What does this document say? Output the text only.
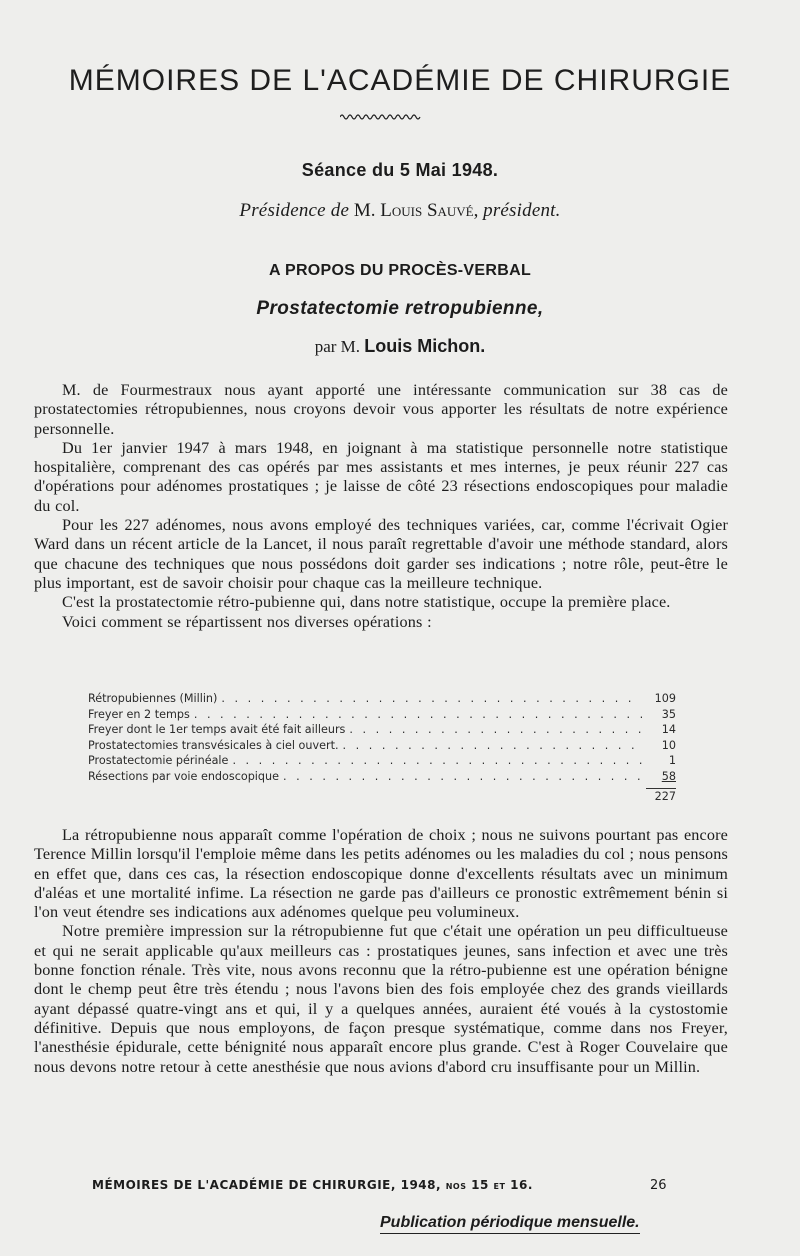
MÉMOIRES DE L'ACADÉMIE DE CHIRURGIE
Séance du 5 Mai 1948.
Présidence de M. Louis Sauvé, président.
A PROPOS DU PROCÈS-VERBAL
Prostatectomie retropubienne,
par M. Louis Michon.

M. de Fourmestraux nous ayant apporté une intéressante communication sur 38 cas de prostatectomies rétropubiennes, nous croyons devoir vous apporter les résultats de notre expérience personnelle.

Du 1er janvier 1947 à mars 1948, en joignant à ma statistique personnelle notre statistique hospitalière, comprenant des cas opérés par mes assistants et mes internes, je peux réunir 227 cas d'opérations pour adénomes prostatiques ; je laisse de côté 23 résections endoscopiques pour maladie du col.

Pour les 227 adénomes, nous avons employé des techniques variées, car, comme l'écrivait Ogier Ward dans un récent article de la Lancet, il nous paraît regrettable d'avoir une méthode standard, alors que chacune des techniques que nous possédons doit garder ses indications ; notre rôle, peut-être le plus important, est de savoir choisir pour chaque cas la meilleure technique.

C'est la prostatectomie rétro-pubienne qui, dans notre statistique, occupe la première place.

Voici comment se répartissent nos diverses opérations :

Rétropubiennes (Millin) . . .	109
Freyer en 2 temps . . .	35
Freyer dont le 1er temps avait été fait ailleurs . . .	14
Prostatectomies transvésicales à ciel ouvert. . . .	10
Prostatectomie périnéale . . .	1
Résections par voie endoscopique . . .	58
227

La rétropubienne nous apparaît comme l'opération de choix ; nous ne suivons pourtant pas encore Terence Millin lorsqu'il l'emploie même dans les petits adénomes ou les maladies du col ; nous pensons en effet que, dans ces cas, la résection endoscopique donne d'excellents résultats avec un minimum d'aléas et une mortalité infime. La résection ne garde pas d'ailleurs ce pronostic extrêmement bénin si l'on veut étendre ses indications aux adénomes quelque peu volumineux.

Notre première impression sur la rétropubienne fut que c'était une opération un peu difficultueuse et qui ne serait applicable qu'aux meilleurs cas : prostatiques jeunes, sans infection et avec une très bonne fonction rénale. Très vite, nous avons reconnu que la rétro-pubienne est une opération bénigne dont le chemp peut être très étendu ; nous l'avons bien des fois employée chez des grands vieillards ayant dépassé quatre-vingt ans et qui, il y a quelques années, auraient été voués à la cystostomie définitive. Depuis que nous employons, de façon presque systématique, comme dans nos Freyer, l'anesthésie épidurale, cette bénignité nous apparaît encore plus grande. C'est à Roger Couvelaire que nous devons notre retour à cette anesthésie que nous avions d'abord cru insuffisante pour un Millin.

MÉMOIRES DE L'ACADÉMIE DE CHIRURGIE, 1948, nos 15 et 16.	26
Publication périodique mensuelle.
